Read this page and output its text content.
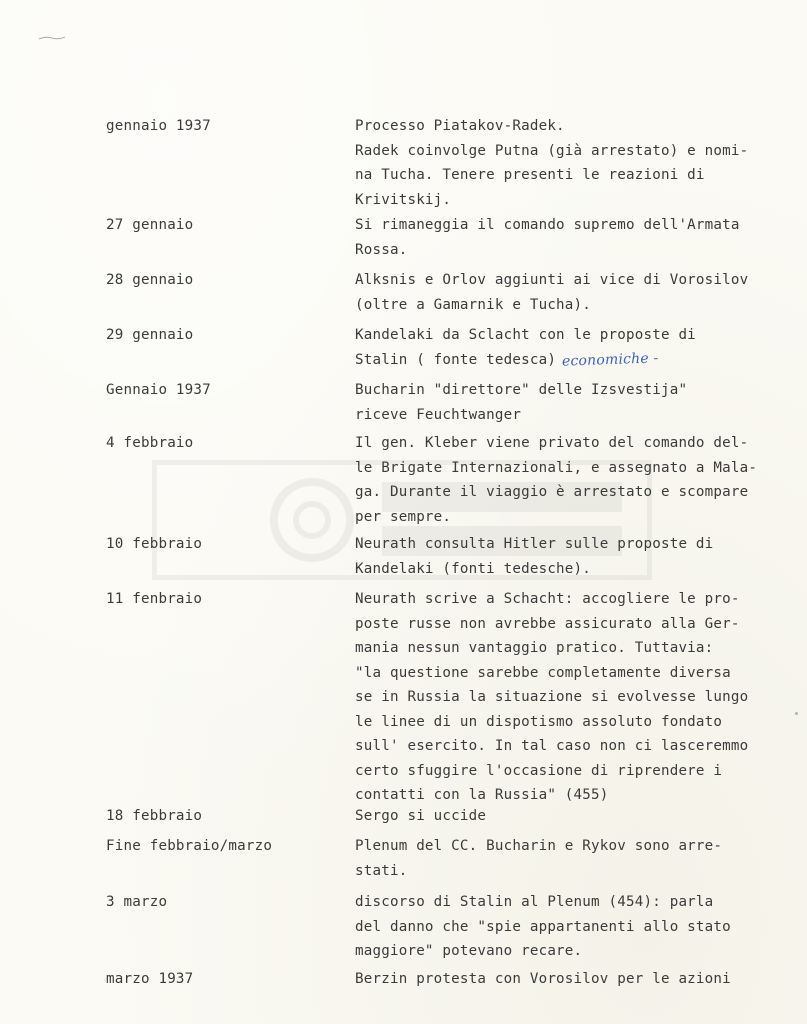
gennaio 1937	Processo Piatakov-Radek.
Radek coinvolge Putna (già arrestato) e nomi-
na Tucha. Tenere presenti le reazioni di
Krivitskij.
27 gennaio	Si rimaneggia il comando supremo dell'Armata
Rossa.
28 gennaio	Alksnis e Orlov aggiunti ai vice di Vorosilov
(oltre a Gamarnik e Tucha).
29 gennaio	Kandelaki da Sclacht con le proposte di
Stalin ( fonte tedesca) economiche -
Gennaio 1937	Bucharin "direttore" delle Izsvestija"
riceve Feuchtwanger
4 febbraio	Il gen. Kleber viene privato del comando del-
le Brigate Internazionali, e assegnato a Mala-
ga. Durante il viaggio è arrestato e scompare
per sempre.
10 febbraio	Neurath consulta Hitler sulle proposte di
Kandelaki (fonti tedesche).
11 fenbraio	Neurath scrive a Schacht: accogliere le pro-
poste russe non avrebbe assicurato alla Ger-
mania nessun vantaggio pratico. Tuttavia:
"la questione sarebbe completamente diversa
se in Russia la situazione si evolvesse lungo
le linee di un dispotismo assoluto fondato
sull' esercito. In tal caso non ci lasceremmo
certo sfuggire l'occasione di riprendere i
contatti con la Russia" (455)
18 febbraio	Sergo si uccide
Fine febbraio/marzo	Plenum del CC. Bucharin e Rykov sono arre-
stati.
3 marzo	discorso di Stalin al Plenum (454): parla
del danno che "spie appartanenti allo stato
maggiore" potevano recare.
marzo 1937	Berzin protesta con Vorosilov per le azioni
